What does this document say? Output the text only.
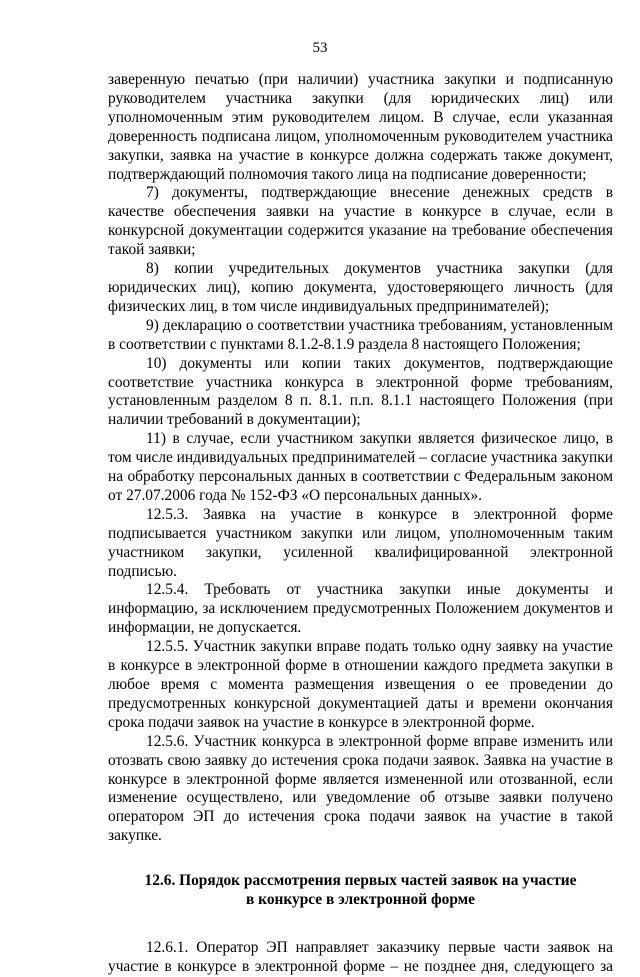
53

заверенную печатью (при наличии) участника закупки и подписанную руководителем участника закупки (для юридических лиц) или уполномоченным этим руководителем лицом. В случае, если указанная доверенность подписана лицом, уполномоченным руководителем участника закупки, заявка на участие в конкурсе должна содержать также документ, подтверждающий полномочия такого лица на подписание доверенности;

7) документы, подтверждающие внесение денежных средств в качестве обеспечения заявки на участие в конкурсе в случае, если в конкурсной документации содержится указание на требование обеспечения такой заявки;

8) копии учредительных документов участника закупки (для юридических лиц), копию документа, удостоверяющего личность (для физических лиц, в том числе индивидуальных предпринимателей);

9) декларацию о соответствии участника требованиям, установленным в соответствии с пунктами 8.1.2-8.1.9 раздела 8 настоящего Положения;

10) документы или копии таких документов, подтверждающие соответствие участника конкурса в электронной форме требованиям, установленным разделом 8 п. 8.1. п.п. 8.1.1 настоящего Положения (при наличии требований в документации);

11) в случае, если участником закупки является физическое лицо, в том числе индивидуальных предпринимателей – согласие участника закупки на обработку персональных данных в соответствии с Федеральным законом от 27.07.2006 года № 152-ФЗ «О персональных данных».

12.5.3. Заявка на участие в конкурсе в электронной форме подписывается участником закупки или лицом, уполномоченным таким участником закупки, усиленной квалифицированной электронной подписью.

12.5.4. Требовать от участника закупки иные документы и информацию, за исключением предусмотренных Положением документов и информации, не допускается.

12.5.5. Участник закупки вправе подать только одну заявку на участие в конкурсе в электронной форме в отношении каждого предмета закупки в любое время с момента размещения извещения о ее проведении до предусмотренных конкурсной документацией даты и времени окончания срока подачи заявок на участие в конкурсе в электронной форме.

12.5.6. Участник конкурса в электронной форме вправе изменить или отозвать свою заявку до истечения срока подачи заявок. Заявка на участие в конкурсе в электронной форме является измененной или отозванной, если изменение осуществлено, или уведомление об отзыве заявки получено оператором ЭП до истечения срока подачи заявок на участие в такой закупке.

12.6. Порядок рассмотрения первых частей заявок на участие
в конкурсе в электронной форме

12.6.1. Оператор ЭП направляет заказчику первые части заявок на участие в конкурсе в электронной форме – не позднее дня, следующего за
